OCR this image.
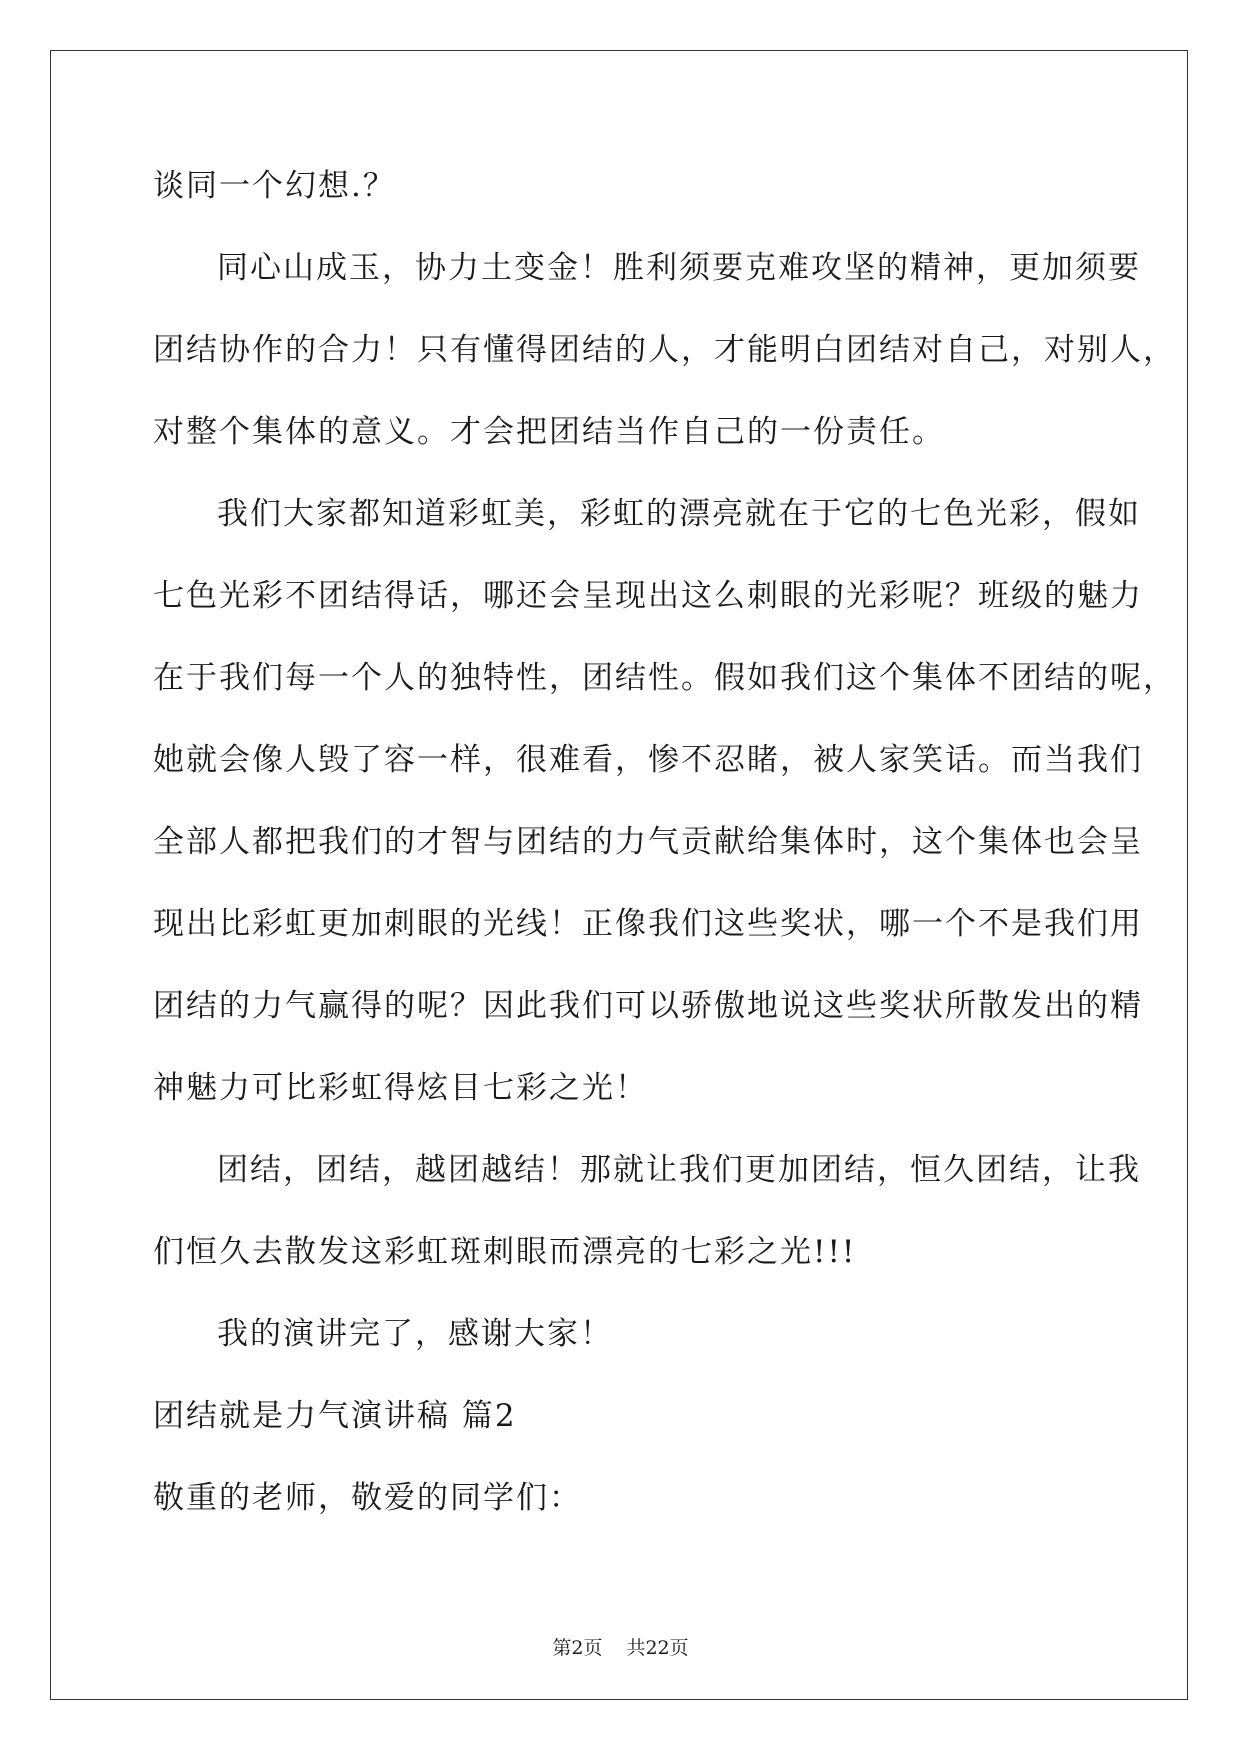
谈同一个幻想.？
同心山成玉，协力土变金！胜利须要克难攻坚的精神，更加须要
团结协作的合力！只有懂得团结的人，才能明白团结对自己，对别人，
对整个集体的意义。才会把团结当作自己的一份责任。
我们大家都知道彩虹美，彩虹的漂亮就在于它的七色光彩，假如
七色光彩不团结得话，哪还会呈现出这么刺眼的光彩呢？班级的魅力
在于我们每一个人的独特性，团结性。假如我们这个集体不团结的呢，
她就会像人毁了容一样，很难看，惨不忍睹，被人家笑话。而当我们
全部人都把我们的才智与团结的力气贡献给集体时，这个集体也会呈
现出比彩虹更加刺眼的光线！正像我们这些奖状，哪一个不是我们用
团结的力气赢得的呢？因此我们可以骄傲地说这些奖状所散发出的精
神魅力可比彩虹得炫目七彩之光！
团结，团结，越团越结！那就让我们更加团结，恒久团结，让我
们恒久去散发这彩虹斑刺眼而漂亮的七彩之光!!!
我的演讲完了，感谢大家！
团结就是力气演讲稿 篇2
敬重的老师，敬爱的同学们：
第2页 共22页
